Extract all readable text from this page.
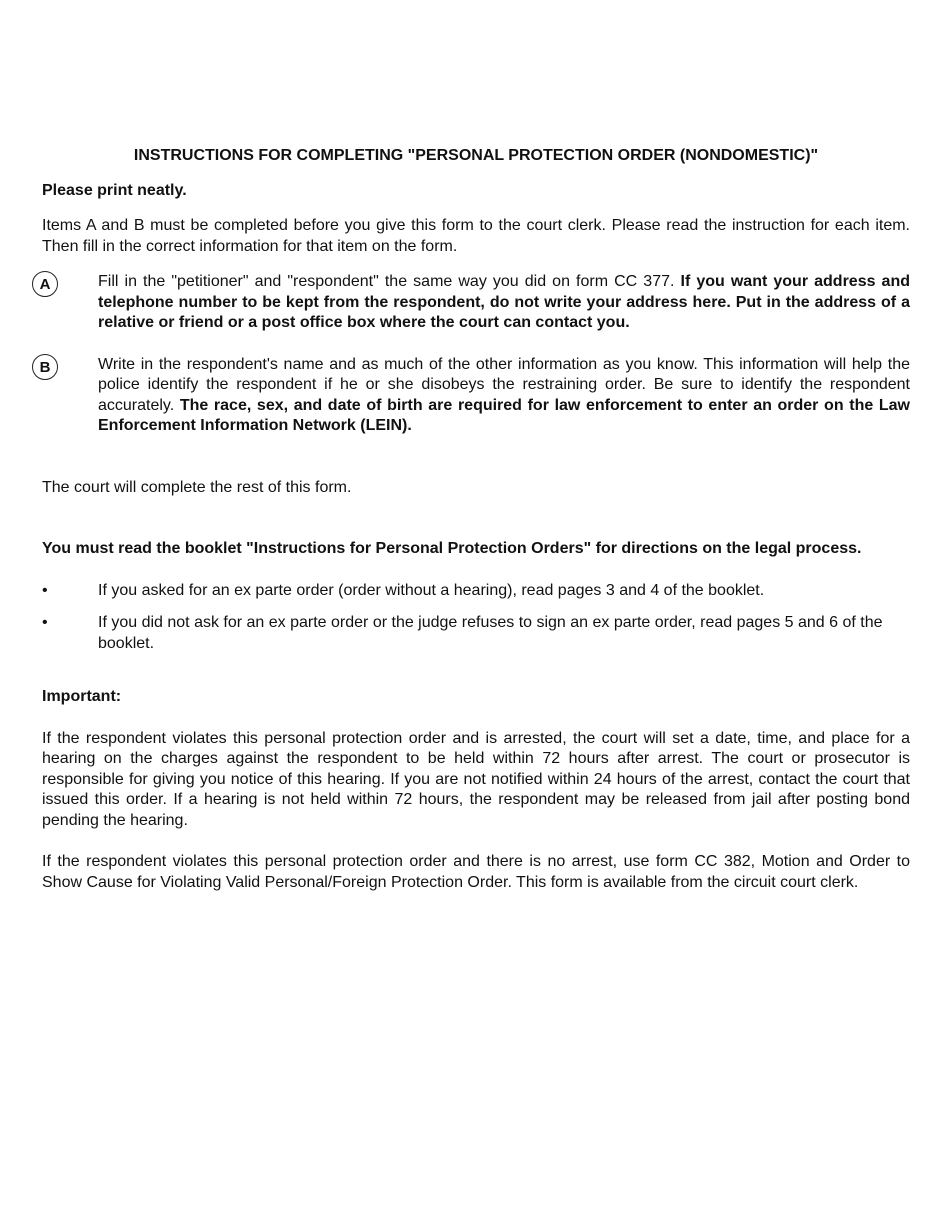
INSTRUCTIONS FOR COMPLETING "PERSONAL PROTECTION ORDER (NONDOMESTIC)"

Please print neatly.

Items A and B must be completed before you give this form to the court clerk. Please read the instruction for each item. Then fill in the correct information for that item on the form.

A	Fill in the "petitioner" and "respondent" the same way you did on form CC 377. If you want your address and telephone number to be kept from the respondent, do not write your address here. Put in the address of a relative or friend or a post office box where the court can contact you.
B	Write in the respondent's name and as much of the other information as you know. This information will help the police identify the respondent if he or she disobeys the restraining order. Be sure to identify the respondent accurately. The race, sex, and date of birth are required for law enforcement to enter an order on the Law Enforcement Information Network (LEIN).

The court will complete the rest of this form.

You must read the booklet "Instructions for Personal Protection Orders" for directions on the legal process.

•	If you asked for an ex parte order (order without a hearing), read pages 3 and 4 of the booklet.
•	If you did not ask for an ex parte order or the judge refuses to sign an ex parte order, read pages 5 and 6 of the booklet.

Important:

If the respondent violates this personal protection order and is arrested, the court will set a date, time, and place for a hearing on the charges against the respondent to be held within 72 hours after arrest. The court or prosecutor is responsible for giving you notice of this hearing. If you are not notified within 24 hours of the arrest, contact the court that issued this order. If a hearing is not held within 72 hours, the respondent may be released from jail after posting bond pending the hearing.

If the respondent violates this personal protection order and there is no arrest, use form CC 382, Motion and Order to Show Cause for Violating Valid Personal/Foreign Protection Order. This form is available from the circuit court clerk.
